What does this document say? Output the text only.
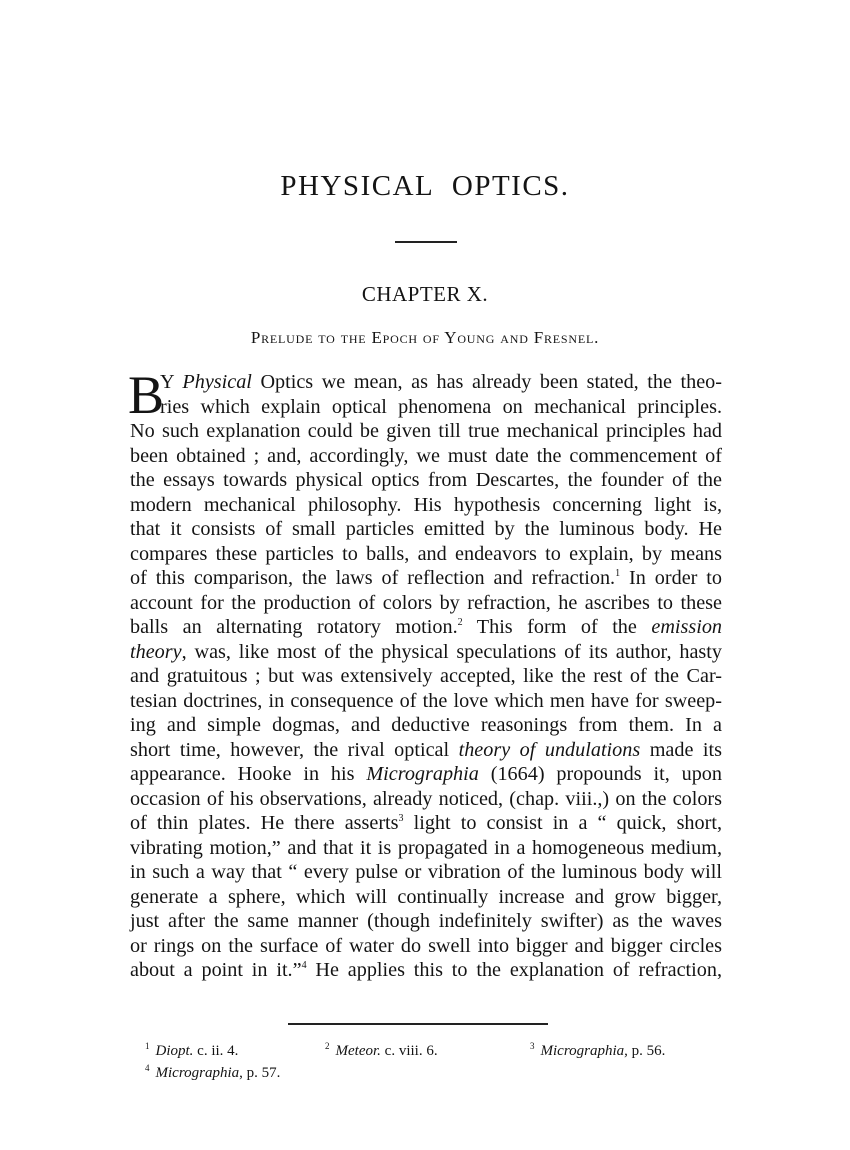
PHYSICAL OPTICS.
CHAPTER X.
Prelude to the Epoch of Young and Fresnel.
B
Y Physical Optics we mean, as has already been stated, the theo-
ries which explain optical phenomena on mechanical principles.
No such explanation could be given till true mechanical principles had
been obtained ; and, accordingly, we must date the commencement of
the essays towards physical optics from Descartes, the founder of the
modern mechanical philosophy. His hypothesis concerning light is,
that it consists of small particles emitted by the luminous body. He
compares these particles to balls, and endeavors to explain, by means
of this comparison, the laws of reflection and refraction.$^1$ In order to
account for the production of colors by refraction, he ascribes to these
balls an alternating rotatory motion.$^2$ This form of the emission
theory, was, like most of the physical speculations of its author, hasty
and gratuitous ; but was extensively accepted, like the rest of the Car-
tesian doctrines, in consequence of the love which men have for sweep-
ing and simple dogmas, and deductive reasonings from them. In a
short time, however, the rival optical theory of undulations made its
appearance. Hooke in his Micrographia (1664) propounds it, upon
occasion of his observations, already noticed, (chap. viii.,) on the colors
of thin plates. He there asserts$^3$ light to consist in a “ quick, short,
vibrating motion,” and that it is propagated in a homogeneous medium,
in such a way that “ every pulse or vibration of the luminous body will
generate a sphere, which will continually increase and grow bigger,
just after the same manner (though indefinitely swifter) as the waves
or rings on the surface of water do swell into bigger and bigger circles
about a point in it.”$^4$ He applies this to the explanation of refraction,
$^1$ Diopt. c. ii. 4.	$^2$ Meteor. c. viii. 6.	$^3$ Micrographia, p. 56.
$^4$ Micrographia, p. 57.
